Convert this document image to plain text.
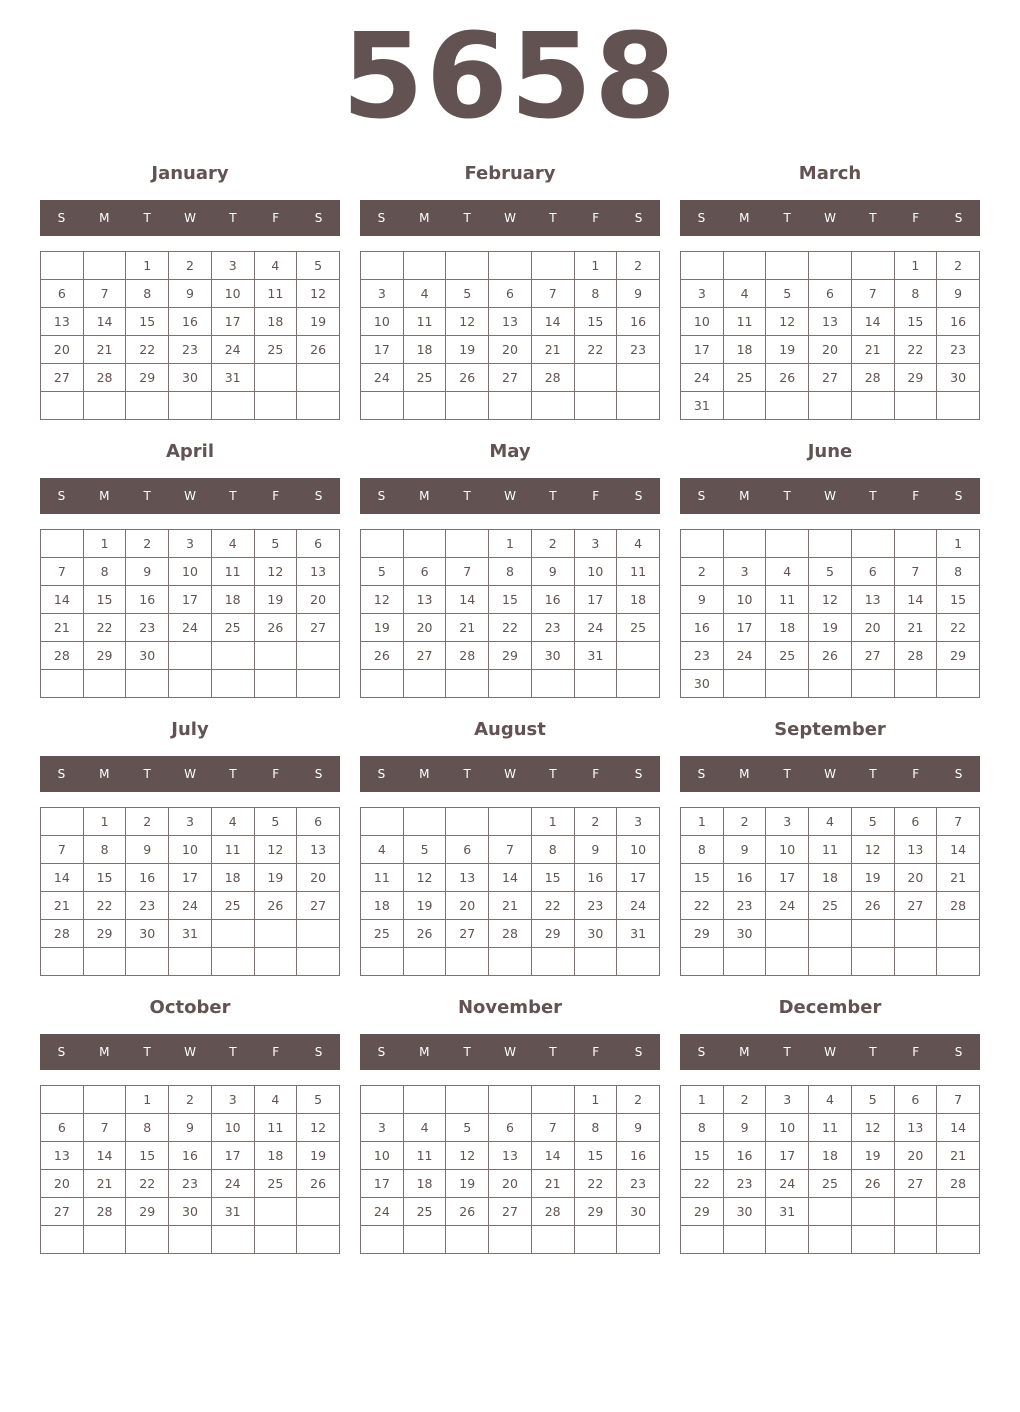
5658
January
S	M	T	W	T	F	S
		1	2	3	4	5
6	7	8	9	10	11	12
13	14	15	16	17	18	19
20	21	22	23	24	25	26
27	28	29	30	31		

February
S	M	T	W	T	F	S
					1	2
3	4	5	6	7	8	9
10	11	12	13	14	15	16
17	18	19	20	21	22	23
24	25	26	27	28		

March
S	M	T	W	T	F	S
					1	2
3	4	5	6	7	8	9
10	11	12	13	14	15	16
17	18	19	20	21	22	23
24	25	26	27	28	29	30
31						
April
S	M	T	W	T	F	S
	1	2	3	4	5	6
7	8	9	10	11	12	13
14	15	16	17	18	19	20
21	22	23	24	25	26	27
28	29	30				

May
S	M	T	W	T	F	S
			1	2	3	4
5	6	7	8	9	10	11
12	13	14	15	16	17	18
19	20	21	22	23	24	25
26	27	28	29	30	31	

June
S	M	T	W	T	F	S
						1
2	3	4	5	6	7	8
9	10	11	12	13	14	15
16	17	18	19	20	21	22
23	24	25	26	27	28	29
30						
July
S	M	T	W	T	F	S
	1	2	3	4	5	6
7	8	9	10	11	12	13
14	15	16	17	18	19	20
21	22	23	24	25	26	27
28	29	30	31			

August
S	M	T	W	T	F	S
				1	2	3
4	5	6	7	8	9	10
11	12	13	14	15	16	17
18	19	20	21	22	23	24
25	26	27	28	29	30	31

September
S	M	T	W	T	F	S
1	2	3	4	5	6	7
8	9	10	11	12	13	14
15	16	17	18	19	20	21
22	23	24	25	26	27	28
29	30					

October
S	M	T	W	T	F	S
		1	2	3	4	5
6	7	8	9	10	11	12
13	14	15	16	17	18	19
20	21	22	23	24	25	26
27	28	29	30	31		

November
S	M	T	W	T	F	S
					1	2
3	4	5	6	7	8	9
10	11	12	13	14	15	16
17	18	19	20	21	22	23
24	25	26	27	28	29	30

December
S	M	T	W	T	F	S
1	2	3	4	5	6	7
8	9	10	11	12	13	14
15	16	17	18	19	20	21
22	23	24	25	26	27	28
29	30	31				
